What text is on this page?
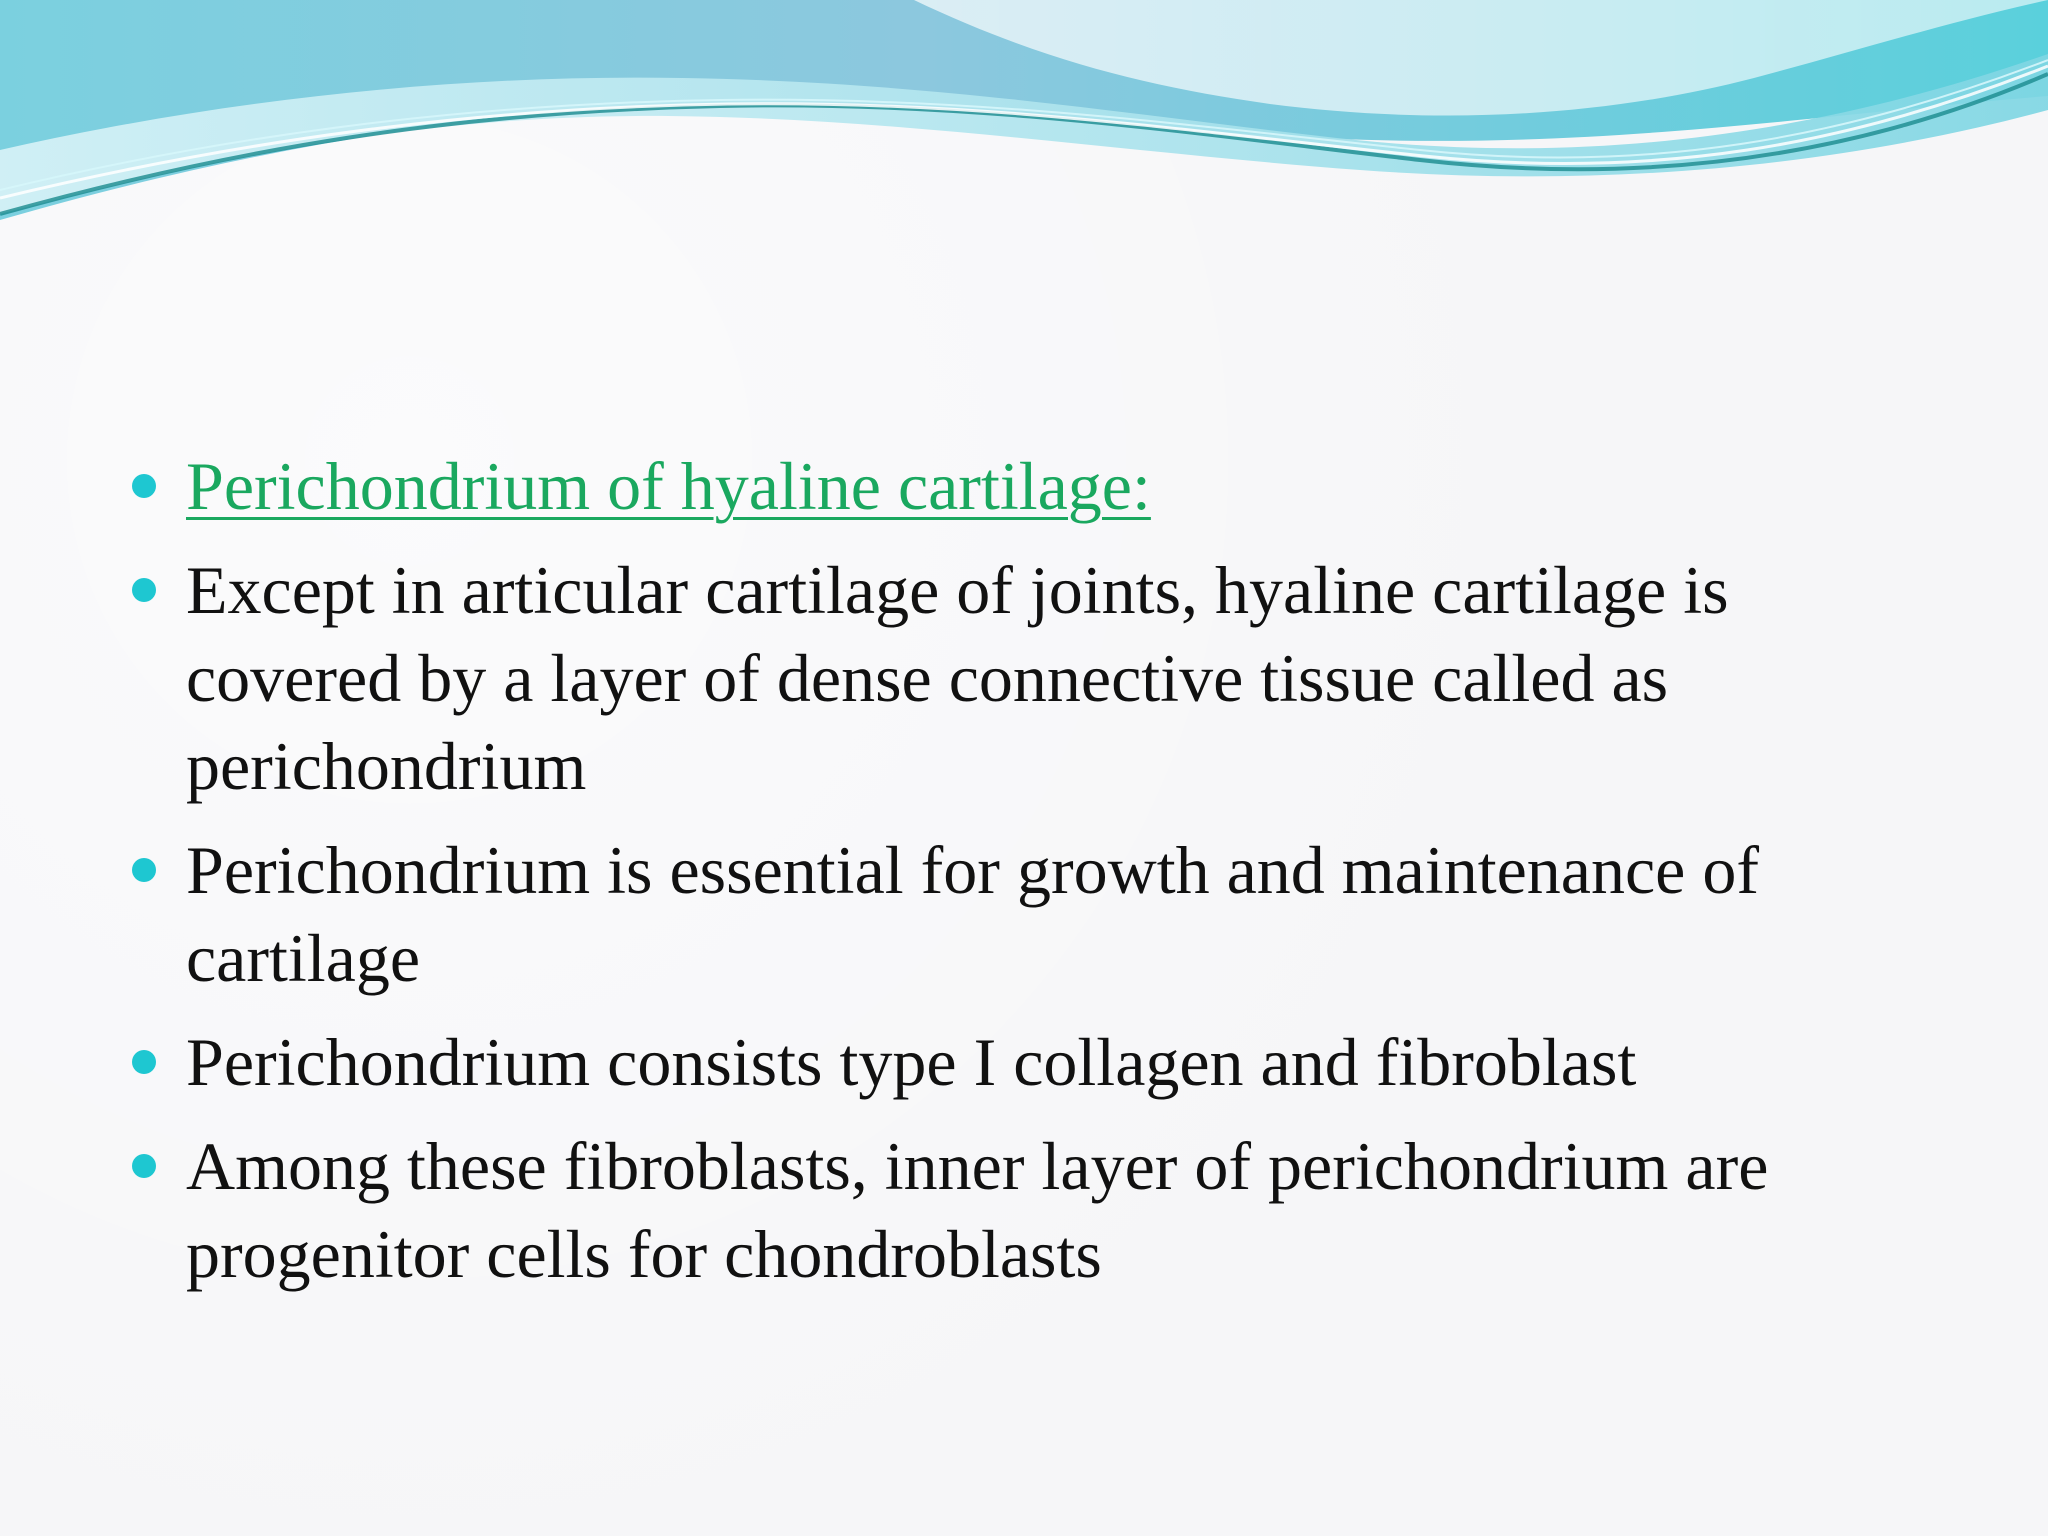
Perichondrium of hyaline cartilage:
Except in articular cartilage of joints, hyaline cartilage is covered by a layer of dense connective tissue called as perichondrium
Perichondrium is essential for growth and maintenance of cartilage
Perichondrium consists type I collagen and fibroblast
Among these fibroblasts, inner layer of perichondrium are progenitor cells for chondroblasts
